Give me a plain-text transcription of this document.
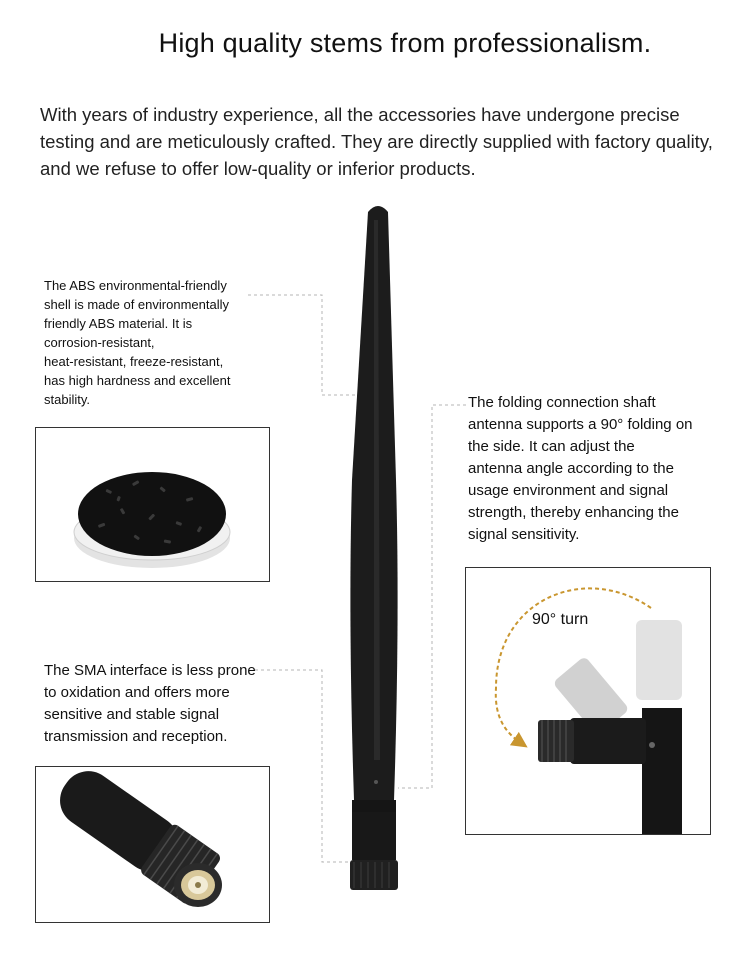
High quality stems from professionalism.

With years of industry experience, all the accessories have undergone precise testing and are meticulously crafted. They are directly supplied with factory quality, and we refuse to offer low-quality or inferior products.

The ABS environmental-friendly
shell is made of environmentally
friendly ABS material. It is
corrosion-resistant,
heat-resistant, freeze-resistant,
has high hardness and excellent
stability.	The folding connection shaft
antenna supports a 90° folding on
the side. It can adjust the
antenna angle according to the
usage environment and signal
strength, thereby enhancing the
signal sensitivity.

The SMA interface is less prone
to oxidation and offers more
sensitive and stable signal
transmission and reception.

90° turn
